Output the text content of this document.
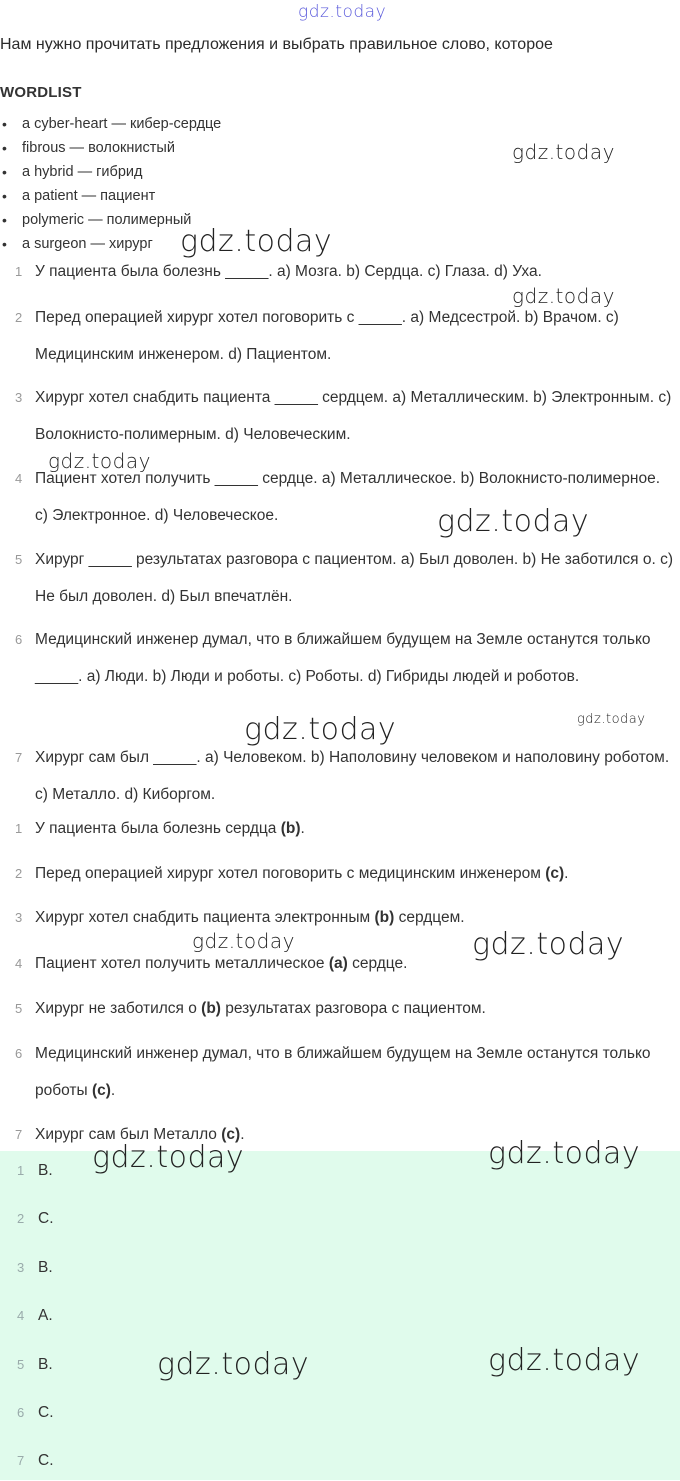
gdz.today
Нам нужно прочитать предложения и выбрать правильное слово, которое
WORDLIST
• a cyber-heart — кибер-сердце
• fibrous — волокнистый
• a hybrid — гибрид
• a patient — пациент
• polymeric — полимерный
• a surgeon — хирург
1 У пациента была болезнь _____. a) Мозга. b) Сердца. c) Глаза. d) Уха.
2 Перед операцией хирург хотел поговорить с _____. a) Медсестрой. b) Врачом. c) Медицинским инженером. d) Пациентом.
3 Хирург хотел снабдить пациента _____ сердцем. a) Металлическим. b) Электронным. c) Волокнисто-полимерным. d) Человеческим.
4 Пациент хотел получить _____ сердце. a) Металлическое. b) Волокнисто-полимерное. c) Электронное. d) Человеческое.
5 Хирург _____ результатах разговора с пациентом. a) Был доволен. b) Не заботился о. c) Не был доволен. d) Был впечатлён.
6 Медицинский инженер думал, что в ближайшем будущем на Земле останутся только _____. a) Люди. b) Люди и роботы. c) Роботы. d) Гибриды людей и роботов.
7 Хирург сам был _____. a) Человеком. b) Наполовину человеком и наполовину роботом. c) Металло. d) Киборгом.
1 У пациента была болезнь сердца (b).
2 Перед операцией хирург хотел поговорить с медицинским инженером (c).
3 Хирург хотел снабдить пациента электронным (b) сердцем.
4 Пациент хотел получить металлическое (a) сердце.
5 Хирург не заботился о (b) результатах разговора с пациентом.
6 Медицинский инженер думал, что в ближайшем будущем на Земле останутся только роботы (c).
7 Хирург сам был Металло (c).
1 B.
2 C.
3 B.
4 A.
5 B.
6 C.
7 C.
gdz.today
gdz.today
gdz.today
gdz.today
gdz.today
gdz.today
gdz.today
gdz.today	gdz.today
gdz.today	gdz.today
gdz.today	gdz.today
